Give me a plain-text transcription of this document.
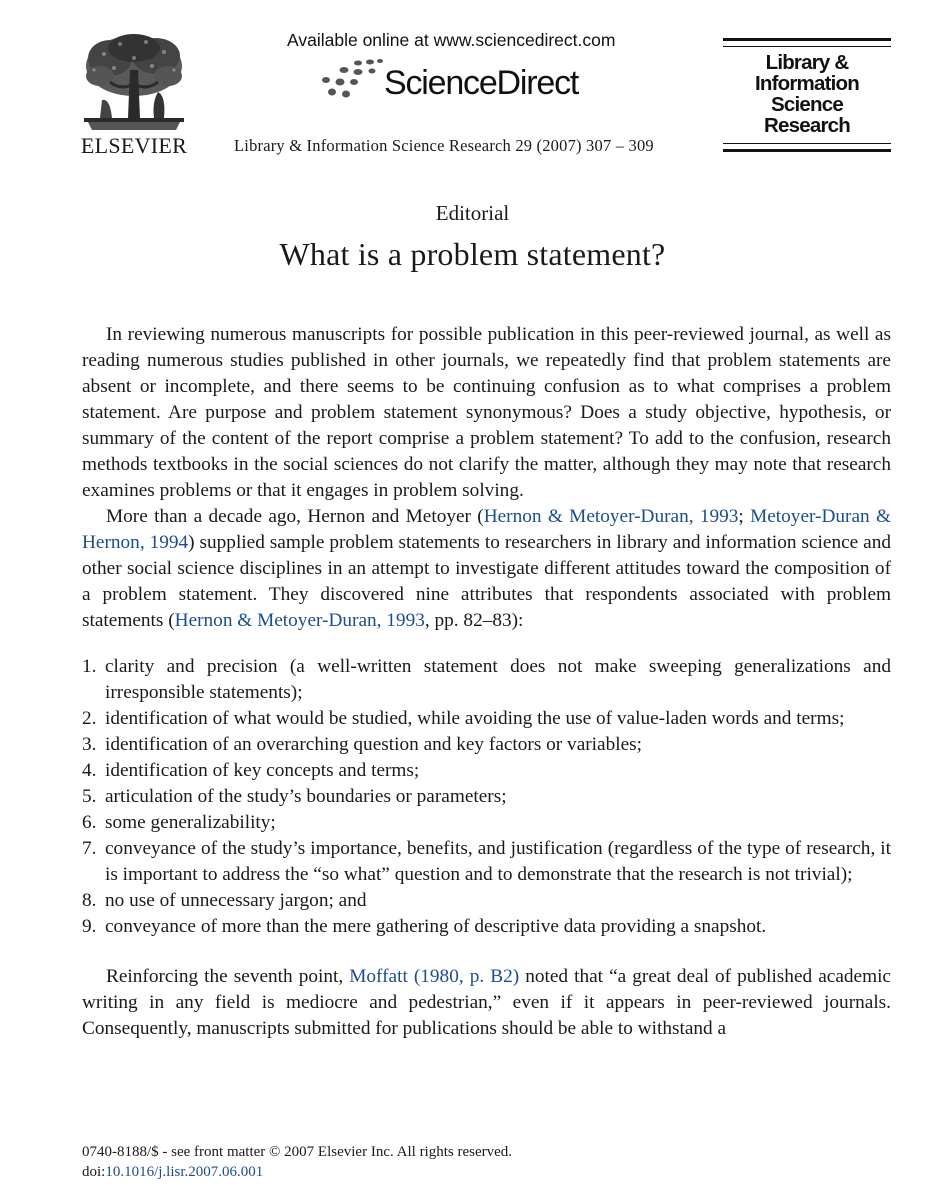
ELSEVIER
Available online at www.sciencedirect.com
ScienceDirect
Library & Information Science Research 29 (2007) 307 – 309
Library &
Information
Science
Research
Editorial
What is a problem statement?

In reviewing numerous manuscripts for possible publication in this peer-reviewed journal, as well as reading numerous studies published in other journals, we repeatedly find that problem statements are absent or incomplete, and there seems to be continuing confusion as to what comprises a problem statement. Are purpose and problem statement synonymous? Does a study objective, hypothesis, or summary of the content of the report comprise a problem statement? To add to the confusion, research methods textbooks in the social sciences do not clarify the matter, although they may note that research examines problems or that it engages in problem solving.

More than a decade ago, Hernon and Metoyer (Hernon & Metoyer-Duran, 1993; Metoyer-Duran & Hernon, 1994) supplied sample problem statements to researchers in library and information science and other social science disciplines in an attempt to investigate different attitudes toward the composition of a problem statement. They discovered nine attributes that respondents associated with problem statements (Hernon & Metoyer-Duran, 1993, pp. 82–83):

1. clarity and precision (a well-written statement does not make sweeping generalizations and irresponsible statements);
2. identification of what would be studied, while avoiding the use of value-laden words and terms;
3. identification of an overarching question and key factors or variables;
4. identification of key concepts and terms;
5. articulation of the study’s boundaries or parameters;
6. some generalizability;
7. conveyance of the study’s importance, benefits, and justification (regardless of the type of research, it is important to address the “so what” question and to demonstrate that the research is not trivial);
8. no use of unnecessary jargon; and
9. conveyance of more than the mere gathering of descriptive data providing a snapshot.

Reinforcing the seventh point, Moffatt (1980, p. B2) noted that “a great deal of published academic writing in any field is mediocre and pedestrian,” even if it appears in peer-reviewed journals. Consequently, manuscripts submitted for publications should be able to withstand a

0740-8188/$ - see front matter © 2007 Elsevier Inc. All rights reserved.
doi:10.1016/j.lisr.2007.06.001
